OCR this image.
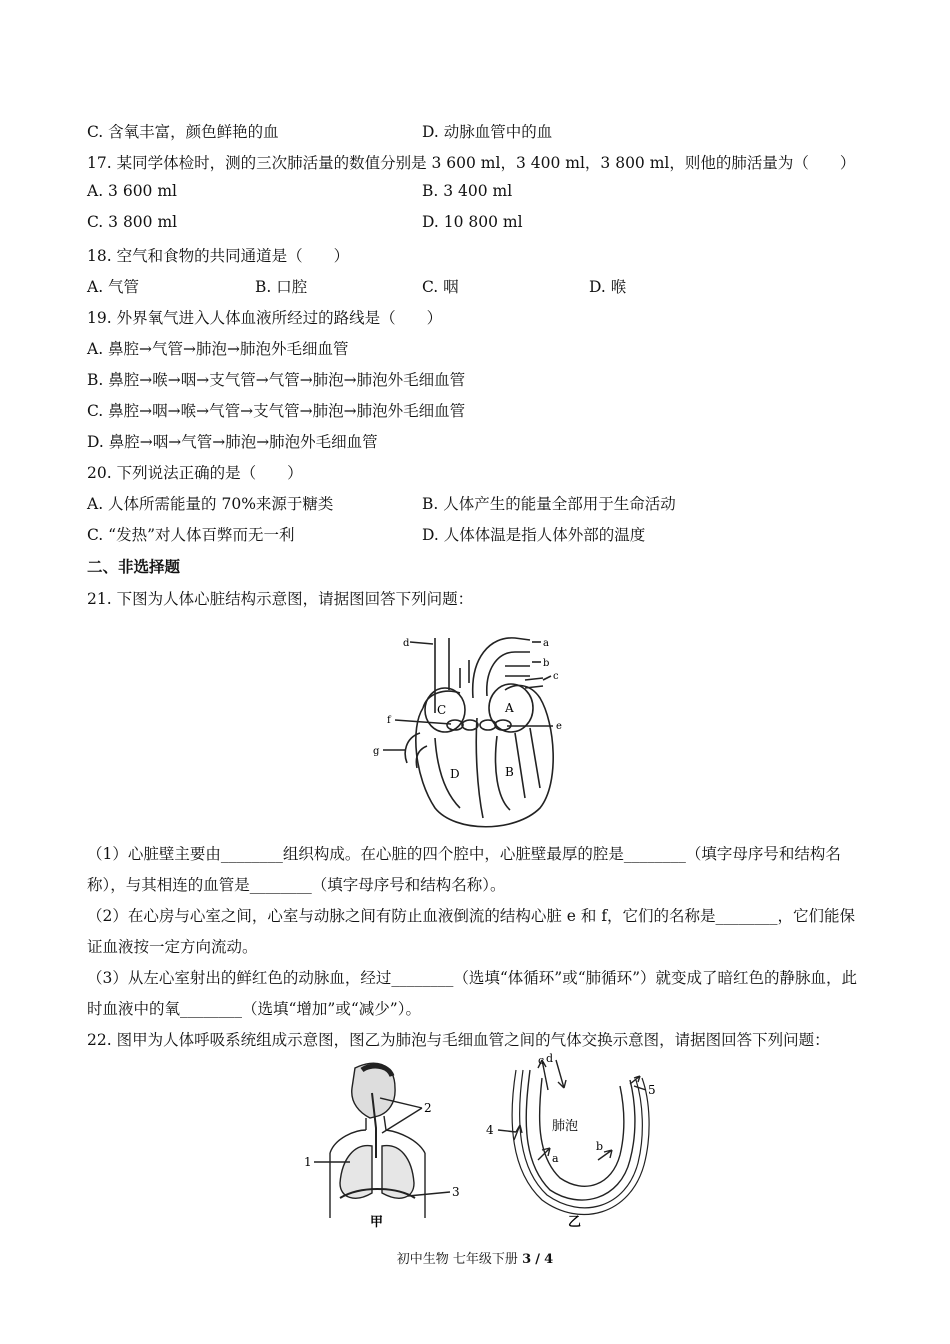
C. 含氧丰富，颜色鲜艳的血	D. 动脉血管中的血
17. 某同学体检时，测的三次肺活量的数值分别是 3 600 ml，3 400 ml，3 800 ml，则他的肺活量为（　　）
A. 3 600 ml	B. 3 400 ml
C. 3 800 ml	D. 10 800 ml
18. 空气和食物的共同通道是（　　）
A. 气管	B. 口腔	C. 咽	D. 喉
19. 外界氧气进入人体血液所经过的路线是（　　）
A. 鼻腔→气管→肺泡→肺泡外毛细血管
B. 鼻腔→喉→咽→支气管→气管→肺泡→肺泡外毛细血管
C. 鼻腔→咽→喉→气管→支气管→肺泡→肺泡外毛细血管
D. 鼻腔→咽→气管→肺泡→肺泡外毛细血管
20. 下列说法正确的是（　　）
A. 人体所需能量的 70%来源于糖类	B. 人体产生的能量全部用于生命活动
C. “发热”对人体百弊而无一利	D. 人体体温是指人体外部的温度
二、非选择题
21. 下图为人体心脏结构示意图，请据图回答下列问题：
d	a
b
c
f
e
g
C	A
D	B
（1）心脏壁主要由________组织构成。在心脏的四个腔中，心脏壁最厚的腔是________（填字母序号和结构名称），与其相连的血管是________（填字母序号和结构名称）。
（2）在心房与心室之间，心室与动脉之间有防止血液倒流的结构心脏 e 和 f，它们的名称是________，它们能保证血液按一定方向流动。
（3）从左心室射出的鲜红色的动脉血，经过________（选填“体循环”或“肺循环”）就变成了暗红色的静脉血，此时血液中的氧________（选填“增加”或“减少”）。
22. 图甲为人体呼吸系统组成示意图，图乙为肺泡与毛细血管之间的气体交换示意图，请据图回答下列问题：
2
1
3
甲
肺泡
c d
a
b
4
5
乙
初中生物 七年级下册 3 / 4
